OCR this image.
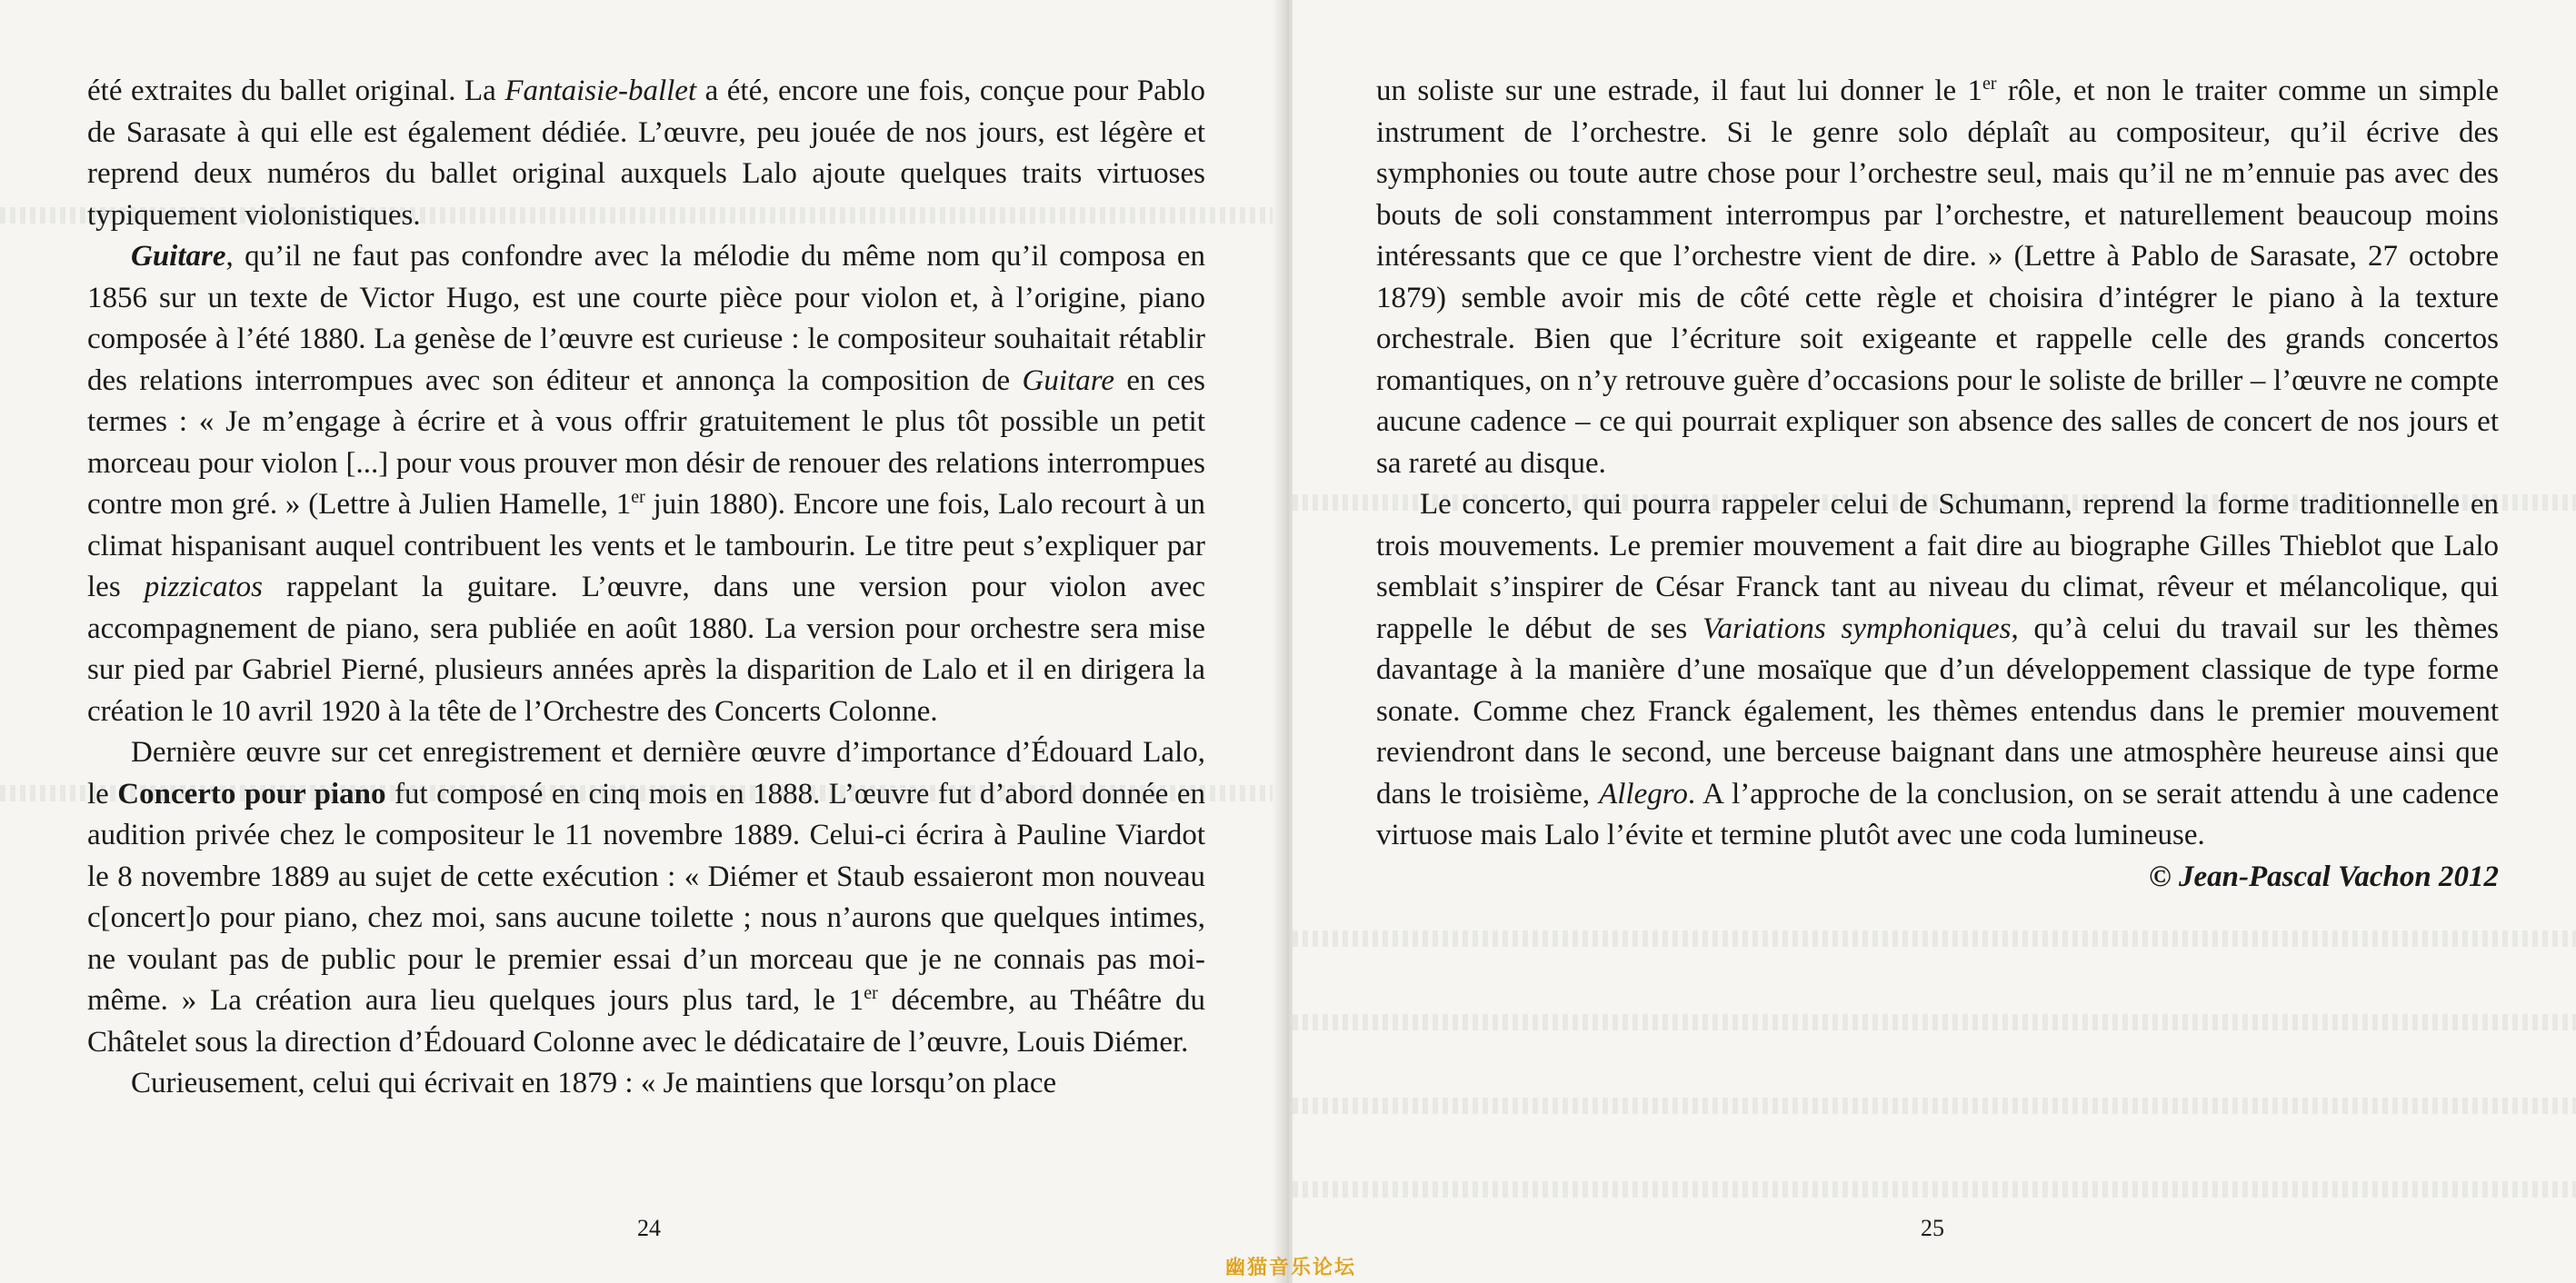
été extraites du ballet original. La Fantaisie-ballet a été, encore une fois, conçue pour Pablo de Sarasate à qui elle est également dédiée. L’œuvre, peu jouée de nos jours, est légère et reprend deux numéros du ballet original auxquels Lalo ajoute quelques traits virtuoses typiquement violonistiques.

Guitare, qu’il ne faut pas confondre avec la mélodie du même nom qu’il composa en 1856 sur un texte de Victor Hugo, est une courte pièce pour violon et, à l’origine, piano composée à l’été 1880. La genèse de l’œuvre est curieuse : le compositeur souhaitait rétablir des relations interrompues avec son éditeur et annonça la composition de Guitare en ces termes : « Je m’engage à écrire et à vous offrir gratuitement le plus tôt possible un petit morceau pour violon [...] pour vous prouver mon désir de renouer des relations interrompues contre mon gré. » (Lettre à Julien Hamelle, 1er juin 1880). Encore une fois, Lalo recourt à un climat hispanisant auquel contribuent les vents et le tambourin. Le titre peut s’expliquer par les pizzicatos rappelant la guitare. L’œuvre, dans une version pour violon avec accompagnement de piano, sera publiée en août 1880. La version pour orchestre sera mise sur pied par Gabriel Pierné, plusieurs années après la disparition de Lalo et il en dirigera la création le 10 avril 1920 à la tête de l’Orchestre des Concerts Colonne.

Dernière œuvre sur cet enregistrement et dernière œuvre d’importance d’Édouard Lalo, le Concerto pour piano fut composé en cinq mois en 1888. L’œuvre fut d’abord donnée en audition privée chez le compositeur le 11 novembre 1889. Celui-ci écrira à Pauline Viardot le 8 novembre 1889 au sujet de cette exécution : « Diémer et Staub essaieront mon nouveau c[oncert]o pour piano, chez moi, sans aucune toilette ; nous n’aurons que quelques intimes, ne voulant pas de public pour le premier essai d’un morceau que je ne connais pas moi-même. » La création aura lieu quelques jours plus tard, le 1er décembre, au Théâtre du Châtelet sous la direction d’Édouard Colonne avec le dédicataire de l’œuvre, Louis Diémer.

Curieusement, celui qui écrivait en 1879 : « Je maintiens que lorsqu’on place

24

un soliste sur une estrade, il faut lui donner le 1er rôle, et non le traiter comme un simple instrument de l’orchestre. Si le genre solo déplaît au compositeur, qu’il écrive des symphonies ou toute autre chose pour l’orchestre seul, mais qu’il ne m’ennuie pas avec des bouts de soli constamment interrompus par l’orchestre, et naturellement beaucoup moins intéressants que ce que l’orchestre vient de dire. » (Lettre à Pablo de Sarasate, 27 octobre 1879) semble avoir mis de côté cette règle et choisira d’intégrer le piano à la texture orchestrale. Bien que l’écriture soit exigeante et rappelle celle des grands concertos romantiques, on n’y retrouve guère d’occasions pour le soliste de briller – l’œuvre ne compte aucune cadence – ce qui pourrait expliquer son absence des salles de concert de nos jours et sa rareté au disque.

Le concerto, qui pourra rappeler celui de Schumann, reprend la forme traditionnelle en trois mouvements. Le premier mouvement a fait dire au biographe Gilles Thieblot que Lalo semblait s’inspirer de César Franck tant au niveau du climat, rêveur et mélancolique, qui rappelle le début de ses Variations symphoniques, qu’à celui du travail sur les thèmes davantage à la manière d’une mosaïque que d’un développement classique de type forme sonate. Comme chez Franck également, les thèmes entendus dans le premier mouvement reviendront dans le second, une berceuse baignant dans une atmosphère heureuse ainsi que dans le troisième, Allegro. A l’approche de la conclusion, on se serait attendu à une cadence virtuose mais Lalo l’évite et termine plutôt avec une coda lumineuse.

© Jean-Pascal Vachon 2012

25
幽猫音乐论坛
